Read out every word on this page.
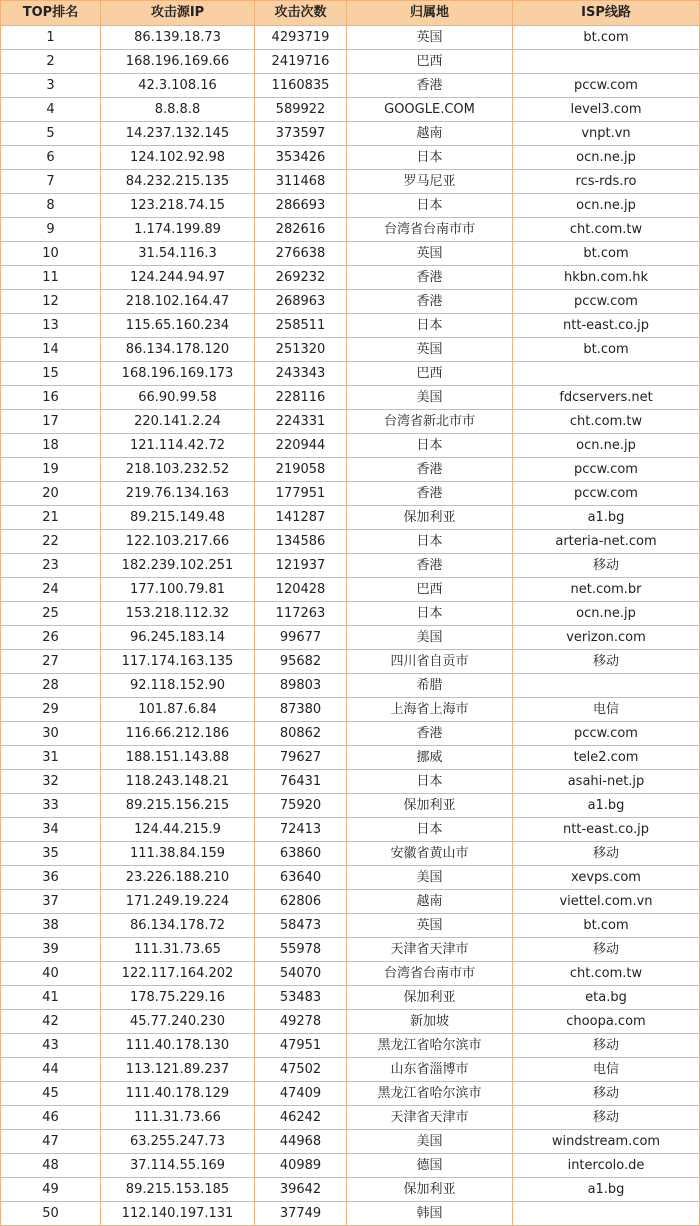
TOP排名	攻击源IP	攻击次数	归属地	ISP线路
1	86.139.18.73	4293719	英国	bt.com
2	168.196.169.66	2419716	巴西	
3	42.3.108.16	1160835	香港	pccw.com
4	8.8.8.8	589922	GOOGLE.COM	level3.com
5	14.237.132.145	373597	越南	vnpt.vn
6	124.102.92.98	353426	日本	ocn.ne.jp
7	84.232.215.135	311468	罗马尼亚	rcs-rds.ro
8	123.218.74.15	286693	日本	ocn.ne.jp
9	1.174.199.89	282616	台湾省台南市市	cht.com.tw
10	31.54.116.3	276638	英国	bt.com
11	124.244.94.97	269232	香港	hkbn.com.hk
12	218.102.164.47	268963	香港	pccw.com
13	115.65.160.234	258511	日本	ntt-east.co.jp
14	86.134.178.120	251320	英国	bt.com
15	168.196.169.173	243343	巴西	
16	66.90.99.58	228116	美国	fdcservers.net
17	220.141.2.24	224331	台湾省新北市市	cht.com.tw
18	121.114.42.72	220944	日本	ocn.ne.jp
19	218.103.232.52	219058	香港	pccw.com
20	219.76.134.163	177951	香港	pccw.com
21	89.215.149.48	141287	保加利亚	a1.bg
22	122.103.217.66	134586	日本	arteria-net.com
23	182.239.102.251	121937	香港	移动
24	177.100.79.81	120428	巴西	net.com.br
25	153.218.112.32	117263	日本	ocn.ne.jp
26	96.245.183.14	99677	美国	verizon.com
27	117.174.163.135	95682	四川省自贡市	移动
28	92.118.152.90	89803	希腊	
29	101.87.6.84	87380	上海省上海市	电信
30	116.66.212.186	80862	香港	pccw.com
31	188.151.143.88	79627	挪威	tele2.com
32	118.243.148.21	76431	日本	asahi-net.jp
33	89.215.156.215	75920	保加利亚	a1.bg
34	124.44.215.9	72413	日本	ntt-east.co.jp
35	111.38.84.159	63860	安徽省黄山市	移动
36	23.226.188.210	63640	美国	xevps.com
37	171.249.19.224	62806	越南	viettel.com.vn
38	86.134.178.72	58473	英国	bt.com
39	111.31.73.65	55978	天津省天津市	移动
40	122.117.164.202	54070	台湾省台南市市	cht.com.tw
41	178.75.229.16	53483	保加利亚	eta.bg
42	45.77.240.230	49278	新加坡	choopa.com
43	111.40.178.130	47951	黑龙江省哈尔滨市	移动
44	113.121.89.237	47502	山东省淄博市	电信
45	111.40.178.129	47409	黑龙江省哈尔滨市	移动
46	111.31.73.66	46242	天津省天津市	移动
47	63.255.247.73	44968	美国	windstream.com
48	37.114.55.169	40989	德国	intercolo.de
49	89.215.153.185	39642	保加利亚	a1.bg
50	112.140.197.131	37749	韩国	
